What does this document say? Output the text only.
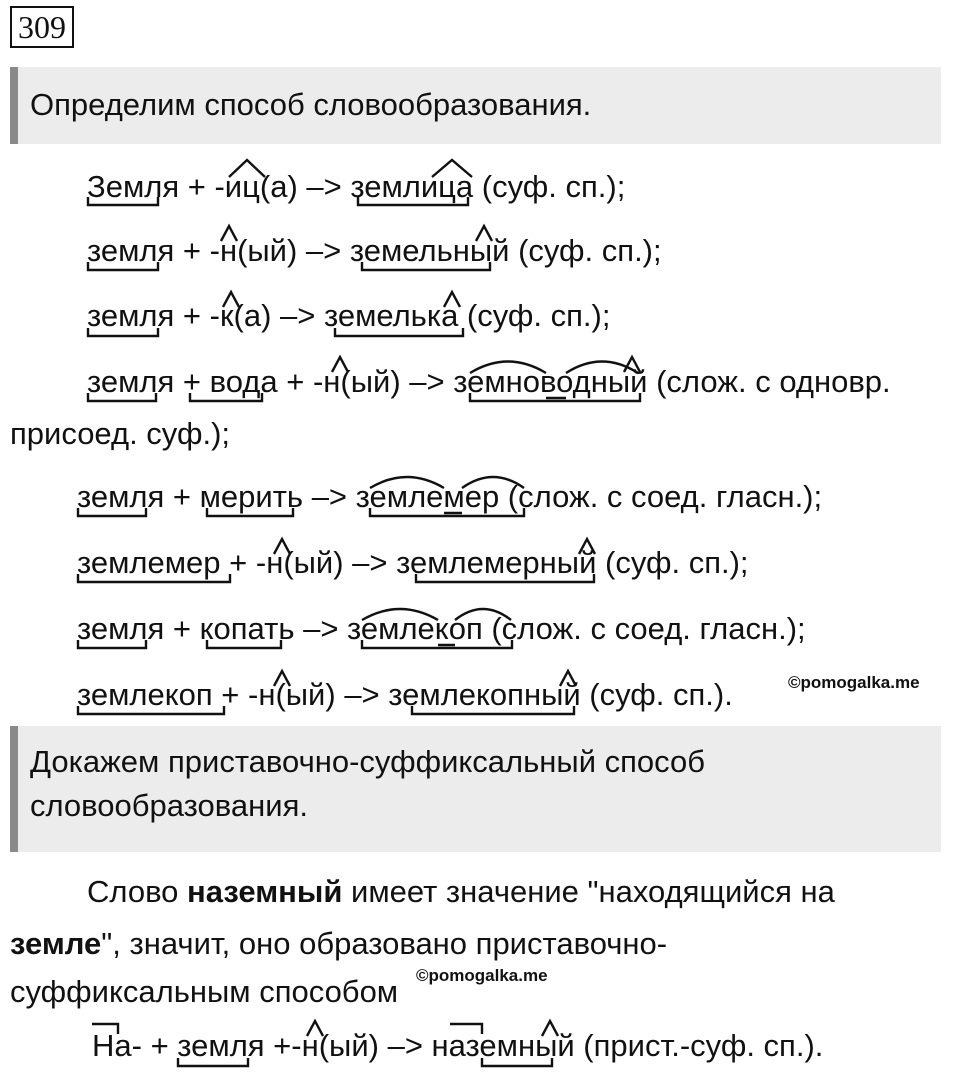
309
Определим способ словообразования.
Земля + -иц(а) –> землица (суф. сп.);
земля + -н(ый) –> земельный (суф. сп.);
земля + -к(а) –> земелька (суф. сп.);
земля + вода + -н(ый) –> земноводный (слож. с одновр.
присоед. суф.);
земля + мерить –> землемер (слож. с соед. гласн.);
землемер + -н(ый) –> землемерный (суф. сп.);
земля + копать –> землекоп (слож. с соед. гласн.);
землекоп + -н(ый) –> землекопный (суф. сп.).	©pomogalka.me
Докажем приставочно-суффиксальный способ
словообразования.
Слово наземный имеет значение "находящийся на
земле", значит, оно образовано приставочно-
суффиксальным способом ©pomogalka.me
На- + земля +-н(ый) –> наземный (прист.-суф. сп.).
